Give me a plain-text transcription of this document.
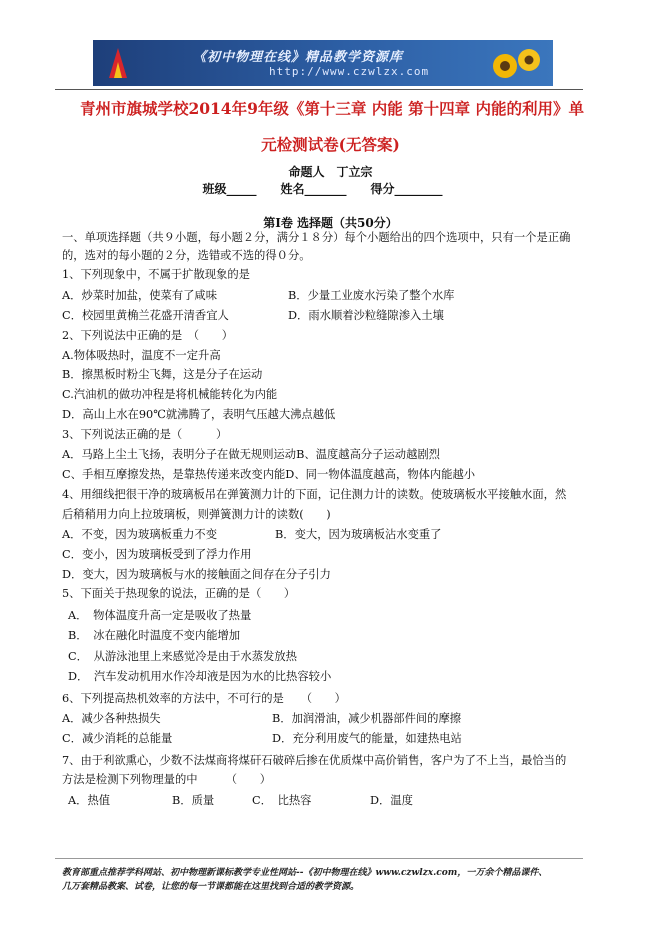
《初中物理在线》精品教学资源库
http://www.czwlzx.com
青州市旗城学校2014年9年级《第十三章 内能 第十四章 内能的利用》单
元检测试卷(无答案)
命题人　丁立宗
班级_____　　姓名_______　　得分________
第Ⅰ卷 选择题（共50分）
一、单项选择题（共９小题，每小题２分，满分１８分）每个小题给出的四个选项中，只有一个是正确
的，选对的每小题的２分，选错或不选的得０分。
1、下列现象中，不属于扩散现象的是
A．炒菜时加盐，使菜有了咸味	B．少量工业废水污染了整个水库
C．校园里黄桷兰花盛开清香宜人	D．雨水顺着沙粒缝隙渗入土壤
2、下列说法中正确的是　（　　）
A.物体吸热时，温度不一定升高
B．擦黑板时粉尘飞舞，这是分子在运动
C.汽油机的做功冲程是将机械能转化为内能
D．高山上水在90℃就沸腾了，表明气压越大沸点越低
3、下列说法正确的是（　　　）
A．马路上尘土飞扬，表明分子在做无规则运动B、温度越高分子运动越剧烈
C、手相互摩擦发热，是靠热传递来改变内能D、同一物体温度越高，物体内能越小
4、用细线把很干净的玻璃板吊在弹簧测力计的下面，记住测力计的读数。使玻璃板水平接触水面，然
后稍稍用力向上拉玻璃板，则弹簧测力计的读数(　　)
A．不变，因为玻璃板重力不变	B．变大，因为玻璃板沾水变重了
C．变小，因为玻璃板受到了浮力作用
D．变大，因为玻璃板与水的接触面之间存在分子引力
5、下面关于热现象的说法，正确的是（　　）
A．　物体温度升高一定是吸收了热量
B．　冰在融化时温度不变内能增加
C．　从游泳池里上来感觉冷是由于水蒸发放热
D．　汽车发动机用水作冷却液是因为水的比热容较小
6、下列提高热机效率的方法中，不可行的是　　（　　）
A．减少各种热损失	B．加润滑油，减少机器部件间的摩擦
C．减少消耗的总能量	D．充分利用废气的能量，如建热电站
7、由于利欲熏心，少数不法煤商将煤矸石破碎后掺在优质煤中高价销售，客户为了不上当，最恰当的
方法是检测下列物理量的中　　　（　　）
A．热值	B．质量	C．　比热容	D．温度
教育部重点推荐学科网站、初中物理新课标教学专业性网站--《初中物理在线》www.czwlzx.com，一万余个精品课件、
几万套精品教案、试卷，让您的每一节课都能在这里找到合适的教学资源。
